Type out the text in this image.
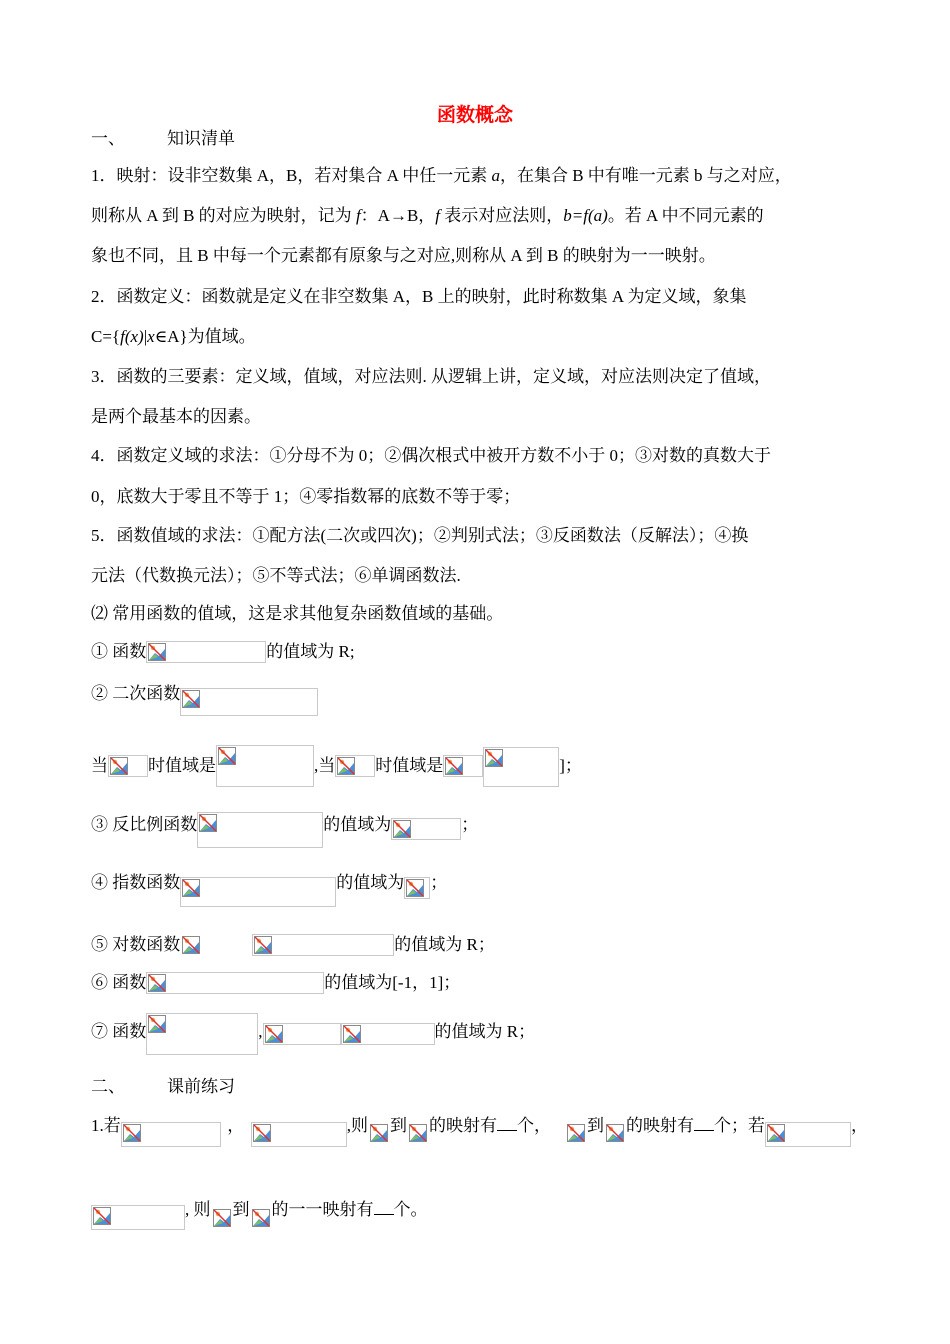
函数概念
一、 知识清单
1．映射：设非空数集 A，B，若对集合 A 中任一元素 a，在集合 B 中有唯一元素 b 与之对应，
则称从 A 到 B 的对应为映射，记为 f：A→B，f 表示对应法则，b=f(a)。若 A 中不同元素的
象也不同，且 B 中每一个元素都有原象与之对应,则称从 A 到 B 的映射为一一映射。
2．函数定义：函数就是定义在非空数集 A，B 上的映射，此时称数集 A 为定义域，象集
C={f(x)|x∈A}为值域。
3．函数的三要素：定义域，值域，对应法则. 从逻辑上讲，定义域，对应法则决定了值域，
是两个最基本的因素。
4．函数定义域的求法：①分母不为 0；②偶次根式中被开方数不小于 0；③对数的真数大于
0，底数大于零且不等于 1；④零指数幂的底数不等于零；
5．函数值域的求法：①配方法(二次或四次)；②判别式法；③反函数法（反解法）；④换
元法（代数换元法）；⑤不等式法；⑥单调函数法.
⑵ 常用函数的值域，这是求其他复杂函数值域的基础。
① 函数	的值域为 R;
② 二次函数
当 时值域是	,当 时值域是	]；
③ 反比例函数	的值域为	；
④ 指数函数	的值域为 ；
⑤ 对数函数	的值域为 R；
⑥ 函数	的值域为[-1，1]；
⑦ 函数	,	的值域为 R；
二、 课前练习
1.若	，	,则 到 的映射有 个， 到 的映射有 个；若	，
, 则 到 的一一映射有 个。
